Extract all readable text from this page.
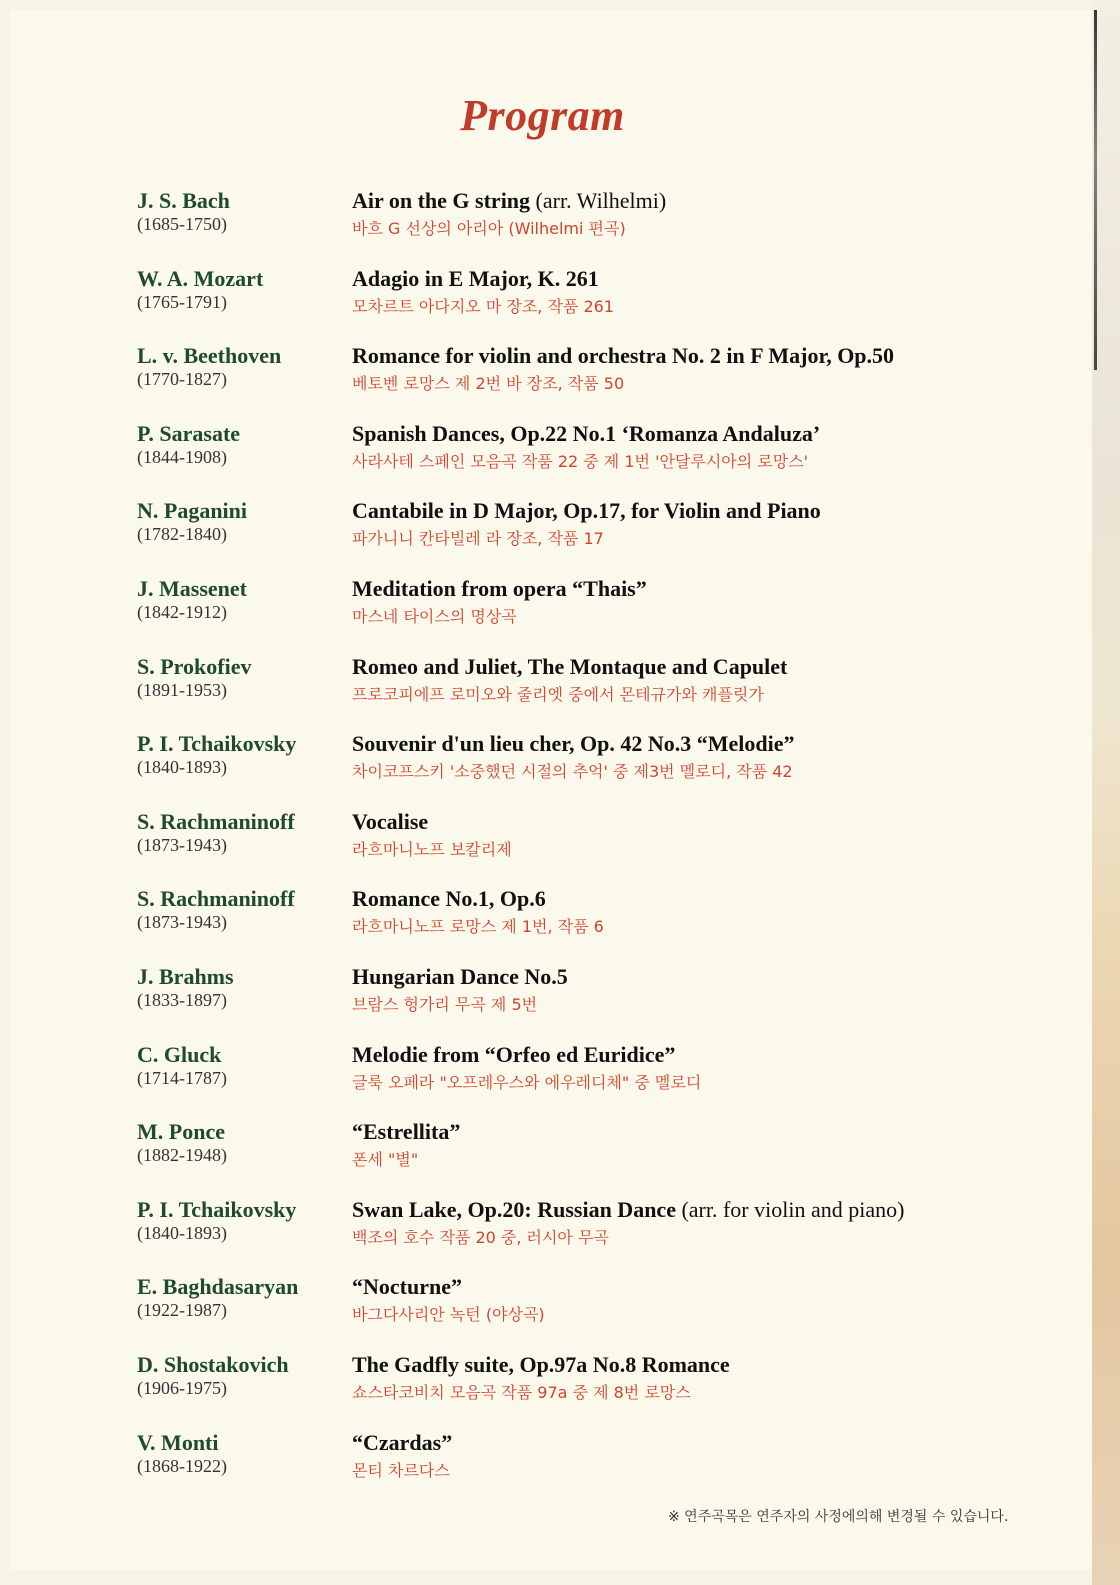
Program
J. S. Bach
(1685-1750)
Air on the G string (arr. Wilhelmi)
바흐 G 선상의 아리아 (Wilhelmi 편곡)
W. A. Mozart
(1765-1791)
Adagio in E Major, K. 261
모차르트 아다지오 마 장조, 작품 261
L. v. Beethoven
(1770-1827)
Romance for violin and orchestra No. 2 in F Major, Op.50
베토벤 로망스 제 2번 바 장조, 작품 50
P. Sarasate
(1844-1908)
Spanish Dances, Op.22 No.1 ‘Romanza Andaluza’
사라사테 스페인 모음곡 작품 22 중 제 1번 '안달루시아의 로망스'
N. Paganini
(1782-1840)
Cantabile in D Major, Op.17, for Violin and Piano
파가니니 칸타빌레 라 장조, 작품 17
J. Massenet
(1842-1912)
Meditation from opera “Thais”
마스네 타이스의 명상곡
S. Prokofiev
(1891-1953)
Romeo and Juliet, The Montaque and Capulet
프로코피에프 로미오와 줄리엣 중에서 몬테규가와 캐플릿가
P. I. Tchaikovsky
(1840-1893)
Souvenir d'un lieu cher, Op. 42 No.3 “Melodie”
차이코프스키 '소중했던 시절의 추억' 중 제3번 멜로디, 작품 42
S. Rachmaninoff
(1873-1943)
Vocalise
라흐마니노프 보칼리제
S. Rachmaninoff
(1873-1943)
Romance No.1, Op.6
라흐마니노프 로망스 제 1번, 작품 6
J. Brahms
(1833-1897)
Hungarian Dance No.5
브람스 헝가리 무곡 제 5번
C. Gluck
(1714-1787)
Melodie from “Orfeo ed Euridice”
글룩 오페라 "오프레우스와 에우레디체" 중 멜로디
M. Ponce
(1882-1948)
“Estrellita”
폰세 "별"
P. I. Tchaikovsky
(1840-1893)
Swan Lake, Op.20: Russian Dance (arr. for violin and piano)
백조의 호수 작품 20 중, 러시아 무곡
E. Baghdasaryan
(1922-1987)
“Nocturne”
바그다사리안 녹턴 (야상곡)
D. Shostakovich
(1906-1975)
The Gadfly suite, Op.97a No.8 Romance
쇼스타코비치 모음곡 작품 97a 중 제 8번 로망스
V. Monti
(1868-1922)
“Czardas”
몬티 차르다스
※ 연주곡목은 연주자의 사정에의해 변경될 수 있습니다.
